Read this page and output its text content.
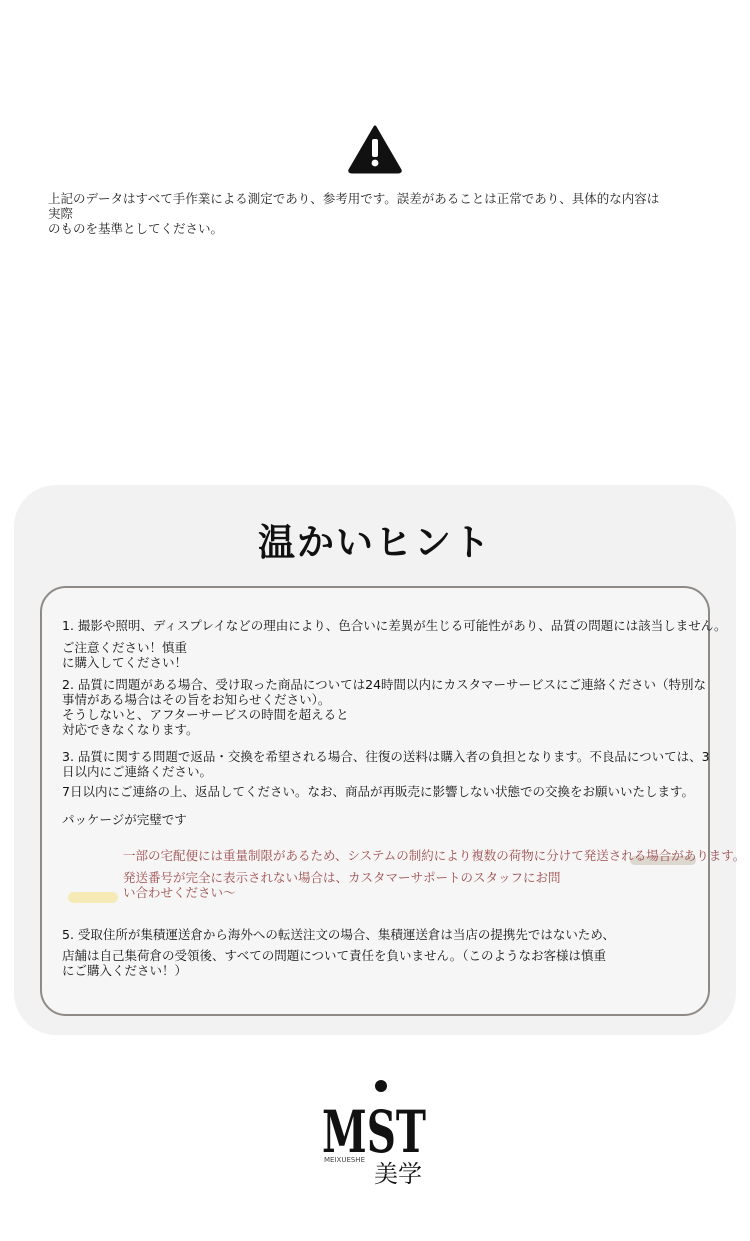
上記のデータはすべて手作業による測定であり、参考用です。誤差があることは正常であり、具体的な内容は実際
のものを基準としてください。
温かいヒント
1. 撮影や照明、ディスプレイなどの理由により、色合いに差異が生じる可能性があり、品質の問題には該当しません。
ご注意ください！慎重
に購入してください！
2. 品質に問題がある場合、受け取った商品については24時間以内にカスタマーサービスにご連絡ください（特別な
事情がある場合はその旨をお知らせください）。
そうしないと、アフターサービスの時間を超えると
対応できなくなります。
3. 品質に関する問題で返品・交換を希望される場合、往復の送料は購入者の負担となります。不良品については、3
日以内にご連絡ください。
7日以内にご連絡の上、返品してください。なお、商品が再販売に影響しない状態での交換をお願いいたします。
パッケージが完璧です
一部の宅配便には重量制限があるため、システムの制約により複数の荷物に分けて発送される場合があります。
発送番号が完全に表示されない場合は、カスタマーサポートのスタッフにお問
い合わせください～
5. 受取住所が集積運送倉から海外への転送注文の場合、集積運送倉は当店の提携先ではないため、
店舗は自己集荷倉の受領後、すべての問題について責任を負いません。（このようなお客様は慎重
にご購入ください！）
MST
MEIXUESHE 美学
